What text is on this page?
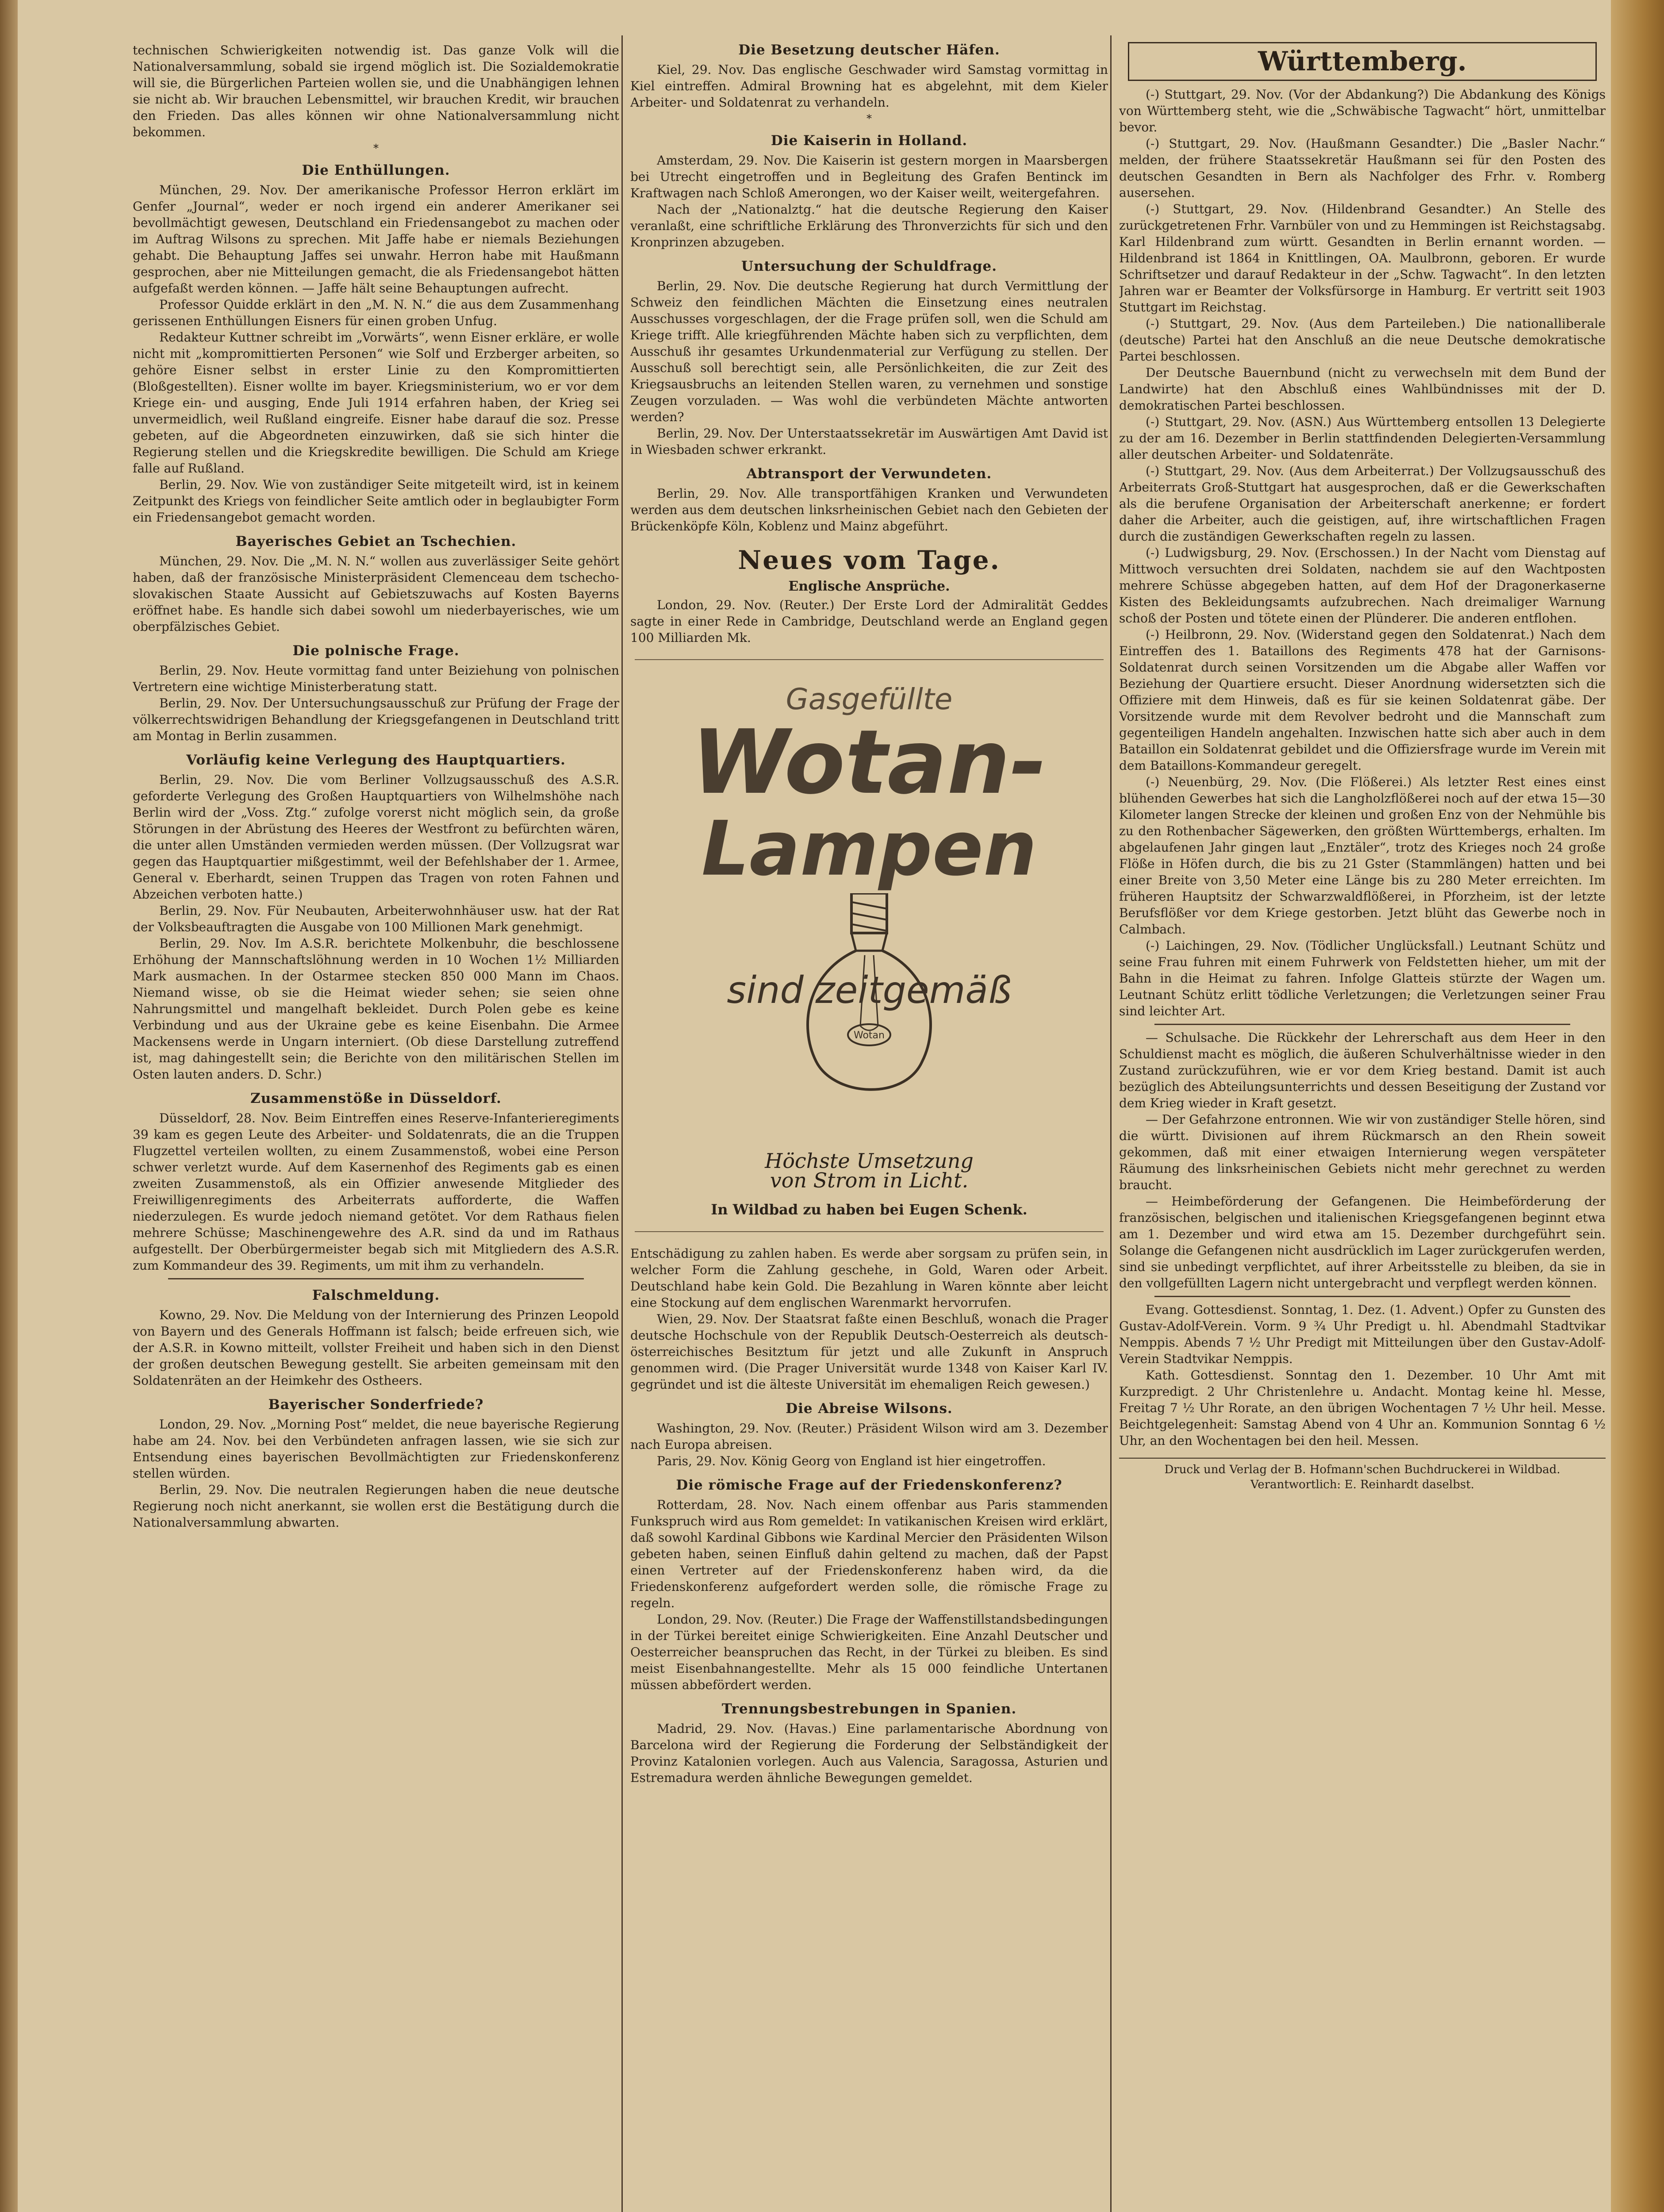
technischen Schwierigkeiten notwendig ist. Das ganze Volk will die Nationalversammlung, sobald sie irgend möglich ist. Die Sozialdemokratie will sie, die Bürgerlichen Parteien wollen sie, und die Unabhängigen lehnen sie nicht ab. Wir brauchen Lebensmittel, wir brauchen Kredit, wir brauchen den Frieden. Das alles können wir ohne Nationalversammlung nicht bekommen.

*
Die Enthüllungen.

München, 29. Nov. Der amerikanische Professor Herron erklärt im Genfer „Journal“, weder er noch irgend ein anderer Amerikaner sei bevollmächtigt gewesen, Deutschland ein Friedensangebot zu machen oder im Auftrag Wilsons zu sprechen. Mit Jaffe habe er niemals Beziehungen gehabt. Die Behauptung Jaffes sei unwahr. Herron habe mit Haußmann gesprochen, aber nie Mitteilungen gemacht, die als Friedensangebot hätten aufgefaßt werden können. — Jaffe hält seine Behauptungen aufrecht.

Professor Quidde erklärt in den „M. N. N.“ die aus dem Zusammenhang gerissenen Enthüllungen Eisners für einen groben Unfug.

Redakteur Kuttner schreibt im „Vorwärts“, wenn Eisner erkläre, er wolle nicht mit „kompromittierten Personen“ wie Solf und Erzberger arbeiten, so gehöre Eisner selbst in erster Linie zu den Kompromittierten (Bloßgestellten). Eisner wollte im bayer. Kriegsministerium, wo er vor dem Kriege ein- und ausging, Ende Juli 1914 erfahren haben, der Krieg sei unvermeidlich, weil Rußland eingreife. Eisner habe darauf die soz. Presse gebeten, auf die Abgeordneten einzuwirken, daß sie sich hinter die Regierung stellen und die Kriegskredite bewilligen. Die Schuld am Kriege falle auf Rußland.

Berlin, 29. Nov. Wie von zuständiger Seite mitgeteilt wird, ist in keinem Zeitpunkt des Kriegs von feindlicher Seite amtlich oder in beglaubigter Form ein Friedensangebot gemacht worden.

Bayerisches Gebiet an Tschechien.

München, 29. Nov. Die „M. N. N.“ wollen aus zuverlässiger Seite gehört haben, daß der französische Ministerpräsident Clemenceau dem tschecho-slovakischen Staate Aussicht auf Gebietszuwachs auf Kosten Bayerns eröffnet habe. Es handle sich dabei sowohl um niederbayerisches, wie um oberpfälzisches Gebiet.

Die polnische Frage.

Berlin, 29. Nov. Heute vormittag fand unter Beiziehung von polnischen Vertretern eine wichtige Ministerberatung statt.

Berlin, 29. Nov. Der Untersuchungsausschuß zur Prüfung der Frage der völkerrechtswidrigen Behandlung der Kriegsgefangenen in Deutschland tritt am Montag in Berlin zusammen.

Vorläufig keine Verlegung des Hauptquartiers.

Berlin, 29. Nov. Die vom Berliner Vollzugsausschuß des A.S.R. geforderte Verlegung des Großen Hauptquartiers von Wilhelmshöhe nach Berlin wird der „Voss. Ztg.“ zufolge vorerst nicht möglich sein, da große Störungen in der Abrüstung des Heeres der Westfront zu befürchten wären, die unter allen Umständen vermieden werden müssen. (Der Vollzugsrat war gegen das Hauptquartier mißgestimmt, weil der Befehlshaber der 1. Armee, General v. Eberhardt, seinen Truppen das Tragen von roten Fahnen und Abzeichen verboten hatte.)

Berlin, 29. Nov. Für Neubauten, Arbeiterwohnhäuser usw. hat der Rat der Volksbeauftragten die Ausgabe von 100 Millionen Mark genehmigt.

Berlin, 29. Nov. Im A.S.R. berichtete Molkenbuhr, die beschlossene Erhöhung der Mannschaftslöhnung werden in 10 Wochen 1½ Milliarden Mark ausmachen. In der Ostarmee stecken 850 000 Mann im Chaos. Niemand wisse, ob sie die Heimat wieder sehen; sie seien ohne Nahrungsmittel und mangelhaft bekleidet. Durch Polen gebe es keine Verbindung und aus der Ukraine gebe es keine Eisenbahn. Die Armee Mackensens werde in Ungarn interniert. (Ob diese Darstellung zutreffend ist, mag dahingestellt sein; die Berichte von den militärischen Stellen im Osten lauten anders. D. Schr.)

Zusammenstöße in Düsseldorf.

Düsseldorf, 28. Nov. Beim Eintreffen eines Reserve-Infanterieregiments 39 kam es gegen Leute des Arbeiter- und Soldatenrats, die an die Truppen Flugzettel verteilen wollten, zu einem Zusammenstoß, wobei eine Person schwer verletzt wurde. Auf dem Kasernenhof des Regiments gab es einen zweiten Zusammenstoß, als ein Offizier anwesende Mitglieder des Freiwilligenregiments des Arbeiterrats aufforderte, die Waffen niederzulegen. Es wurde jedoch niemand getötet. Vor dem Rathaus fielen mehrere Schüsse; Maschinengewehre des A.R. sind da und im Rathaus aufgestellt. Der Oberbürgermeister begab sich mit Mitgliedern des A.S.R. zum Kommandeur des 39. Regiments, um mit ihm zu verhandeln.

Falschmeldung.

Kowno, 29. Nov. Die Meldung von der Internierung des Prinzen Leopold von Bayern und des Generals Hoffmann ist falsch; beide erfreuen sich, wie der A.S.R. in Kowno mitteilt, vollster Freiheit und haben sich in den Dienst der großen deutschen Bewegung gestellt. Sie arbeiten gemeinsam mit den Soldatenräten an der Heimkehr des Ostheers.

Bayerischer Sonderfriede?

London, 29. Nov. „Morning Post“ meldet, die neue bayerische Regierung habe am 24. Nov. bei den Verbündeten anfragen lassen, wie sie sich zur Entsendung eines bayerischen Bevollmächtigten zur Friedenskonferenz stellen würden.

Berlin, 29. Nov. Die neutralen Regierungen haben die neue deutsche Regierung noch nicht anerkannt, sie wollen erst die Bestätigung durch die Nationalversammlung abwarten.

Die Besetzung deutscher Häfen.

Kiel, 29. Nov. Das englische Geschwader wird Samstag vormittag in Kiel eintreffen. Admiral Browning hat es abgelehnt, mit dem Kieler Arbeiter- und Soldatenrat zu verhandeln.

*
Die Kaiserin in Holland.

Amsterdam, 29. Nov. Die Kaiserin ist gestern morgen in Maarsbergen bei Utrecht eingetroffen und in Begleitung des Grafen Bentinck im Kraftwagen nach Schloß Amerongen, wo der Kaiser weilt, weitergefahren.

Nach der „Nationalztg.“ hat die deutsche Regierung den Kaiser veranlaßt, eine schriftliche Erklärung des Thronverzichts für sich und den Kronprinzen abzugeben.

Untersuchung der Schuldfrage.

Berlin, 29. Nov. Die deutsche Regierung hat durch Vermittlung der Schweiz den feindlichen Mächten die Einsetzung eines neutralen Ausschusses vorgeschlagen, der die Frage prüfen soll, wen die Schuld am Kriege trifft. Alle kriegführenden Mächte haben sich zu verpflichten, dem Ausschuß ihr gesamtes Urkundenmaterial zur Verfügung zu stellen. Der Ausschuß soll berechtigt sein, alle Persönlichkeiten, die zur Zeit des Kriegsausbruchs an leitenden Stellen waren, zu vernehmen und sonstige Zeugen vorzuladen. — Was wohl die verbündeten Mächte antworten werden?

Berlin, 29. Nov. Der Unterstaatssekretär im Auswärtigen Amt David ist in Wiesbaden schwer erkrankt.

Abtransport der Verwundeten.

Berlin, 29. Nov. Alle transportfähigen Kranken und Verwundeten werden aus dem deutschen linksrheinischen Gebiet nach den Gebieten der Brückenköpfe Köln, Koblenz und Mainz abgeführt.

Neues vom Tage.
Englische Ansprüche.

London, 29. Nov. (Reuter.) Der Erste Lord der Admiralität Geddes sagte in einer Rede in Cambridge, Deutschland werde an England gegen 100 Milliarden Mk.

Gasgefüllte
Wotan-
Lampen
Wotan
sind zeitgemäß
Höchste Umsetzung
von Strom in Licht.
In Wildbad zu haben bei Eugen Schenk.

Entschädigung zu zahlen haben. Es werde aber sorgsam zu prüfen sein, in welcher Form die Zahlung geschehe, in Gold, Waren oder Arbeit. Deutschland habe kein Gold. Die Bezahlung in Waren könnte aber leicht eine Stockung auf dem englischen Warenmarkt hervorrufen.

Wien, 29. Nov. Der Staatsrat faßte einen Beschluß, wonach die Prager deutsche Hochschule von der Republik Deutsch-Oesterreich als deutsch-österreichisches Besitztum für jetzt und alle Zukunft in Anspruch genommen wird. (Die Prager Universität wurde 1348 von Kaiser Karl IV. gegründet und ist die älteste Universität im ehemaligen Reich gewesen.)

Die Abreise Wilsons.

Washington, 29. Nov. (Reuter.) Präsident Wilson wird am 3. Dezember nach Europa abreisen.

Paris, 29. Nov. König Georg von England ist hier eingetroffen.

Die römische Frage auf der Friedenskonferenz?

Rotterdam, 28. Nov. Nach einem offenbar aus Paris stammenden Funkspruch wird aus Rom gemeldet: In vatikanischen Kreisen wird erklärt, daß sowohl Kardinal Gibbons wie Kardinal Mercier den Präsidenten Wilson gebeten haben, seinen Einfluß dahin geltend zu machen, daß der Papst einen Vertreter auf der Friedenskonferenz haben wird, da die Friedenskonferenz aufgefordert werden solle, die römische Frage zu regeln.

London, 29. Nov. (Reuter.) Die Frage der Waffenstillstandsbedingungen in der Türkei bereitet einige Schwierigkeiten. Eine Anzahl Deutscher und Oesterreicher beanspruchen das Recht, in der Türkei zu bleiben. Es sind meist Eisenbahnangestellte. Mehr als 15 000 feindliche Untertanen müssen abbefördert werden.

Trennungsbestrebungen in Spanien.

Madrid, 29. Nov. (Havas.) Eine parlamentarische Abordnung von Barcelona wird der Regierung die Forderung der Selbständigkeit der Provinz Katalonien vorlegen. Auch aus Valencia, Saragossa, Asturien und Estremadura werden ähnliche Bewegungen gemeldet.

Württemberg.

(-) Stuttgart, 29. Nov. (Vor der Abdankung?) Die Abdankung des Königs von Württemberg steht, wie die „Schwäbische Tagwacht“ hört, unmittelbar bevor.

(-) Stuttgart, 29. Nov. (Haußmann Gesandter.) Die „Basler Nachr.“ melden, der frühere Staatssekretär Haußmann sei für den Posten des deutschen Gesandten in Bern als Nachfolger des Frhr. v. Romberg ausersehen.

(-) Stuttgart, 29. Nov. (Hildenbrand Gesandter.) An Stelle des zurückgetretenen Frhr. Varnbüler von und zu Hemmingen ist Reichstagsabg. Karl Hildenbrand zum württ. Gesandten in Berlin ernannt worden. — Hildenbrand ist 1864 in Knittlingen, OA. Maulbronn, geboren. Er wurde Schriftsetzer und darauf Redakteur in der „Schw. Tagwacht“. In den letzten Jahren war er Beamter der Volksfürsorge in Hamburg. Er vertritt seit 1903 Stuttgart im Reichstag.

(-) Stuttgart, 29. Nov. (Aus dem Parteileben.) Die nationalliberale (deutsche) Partei hat den Anschluß an die neue Deutsche demokratische Partei beschlossen.

Der Deutsche Bauernbund (nicht zu verwechseln mit dem Bund der Landwirte) hat den Abschluß eines Wahlbündnisses mit der D. demokratischen Partei beschlossen.

(-) Stuttgart, 29. Nov. (ASN.) Aus Württemberg entsollen 13 Delegierte zu der am 16. Dezember in Berlin stattfindenden Delegierten-Versammlung aller deutschen Arbeiter- und Soldatenräte.

(-) Stuttgart, 29. Nov. (Aus dem Arbeiterrat.) Der Vollzugsausschuß des Arbeiterrats Groß-Stuttgart hat ausgesprochen, daß er die Gewerkschaften als die berufene Organisation der Arbeiterschaft anerkenne; er fordert daher die Arbeiter, auch die geistigen, auf, ihre wirtschaftlichen Fragen durch die zuständigen Gewerkschaften regeln zu lassen.

(-) Ludwigsburg, 29. Nov. (Erschossen.) In der Nacht vom Dienstag auf Mittwoch versuchten drei Soldaten, nachdem sie auf den Wachtposten mehrere Schüsse abgegeben hatten, auf dem Hof der Dragonerkaserne Kisten des Bekleidungsamts aufzubrechen. Nach dreimaliger Warnung schoß der Posten und tötete einen der Plünderer. Die anderen entflohen.

(-) Heilbronn, 29. Nov. (Widerstand gegen den Soldatenrat.) Nach dem Eintreffen des 1. Bataillons des Regiments 478 hat der Garnisons-Soldatenrat durch seinen Vorsitzenden um die Abgabe aller Waffen vor Beziehung der Quartiere ersucht. Dieser Anordnung widersetzten sich die Offiziere mit dem Hinweis, daß es für sie keinen Soldatenrat gäbe. Der Vorsitzende wurde mit dem Revolver bedroht und die Mannschaft zum gegenteiligen Handeln angehalten. Inzwischen hatte sich aber auch in dem Bataillon ein Soldatenrat gebildet und die Offiziersfrage wurde im Verein mit dem Bataillons-Kommandeur geregelt.

(-) Neuenbürg, 29. Nov. (Die Flößerei.) Als letzter Rest eines einst blühenden Gewerbes hat sich die Langholzflößerei noch auf der etwa 15—30 Kilometer langen Strecke der kleinen und großen Enz von der Nehmühle bis zu den Rothenbacher Sägewerken, den größten Württembergs, erhalten. Im abgelaufenen Jahr gingen laut „Enztäler“, trotz des Krieges noch 24 große Flöße in Höfen durch, die bis zu 21 Gster (Stammlängen) hatten und bei einer Breite von 3,50 Meter eine Länge bis zu 280 Meter erreichten. Im früheren Hauptsitz der Schwarzwaldflößerei, in Pforzheim, ist der letzte Berufsflößer vor dem Kriege gestorben. Jetzt blüht das Gewerbe noch in Calmbach.

(-) Laichingen, 29. Nov. (Tödlicher Unglücksfall.) Leutnant Schütz und seine Frau fuhren mit einem Fuhrwerk von Feldstetten hieher, um mit der Bahn in die Heimat zu fahren. Infolge Glatteis stürzte der Wagen um. Leutnant Schütz erlitt tödliche Verletzungen; die Verletzungen seiner Frau sind leichter Art.

— Schulsache. Die Rückkehr der Lehrerschaft aus dem Heer in den Schuldienst macht es möglich, die äußeren Schulverhältnisse wieder in den Zustand zurückzuführen, wie er vor dem Krieg bestand. Damit ist auch bezüglich des Abteilungsunterrichts und dessen Beseitigung der Zustand vor dem Krieg wieder in Kraft gesetzt.

— Der Gefahrzone entronnen. Wie wir von zuständiger Stelle hören, sind die württ. Divisionen auf ihrem Rückmarsch an den Rhein soweit gekommen, daß mit einer etwaigen Internierung wegen verspäteter Räumung des linksrheinischen Gebiets nicht mehr gerechnet zu werden braucht.

— Heimbeförderung der Gefangenen. Die Heimbeförderung der französischen, belgischen und italienischen Kriegsgefangenen beginnt etwa am 1. Dezember und wird etwa am 15. Dezember durchgeführt sein. Solange die Gefangenen nicht ausdrücklich im Lager zurückgerufen werden, sind sie unbedingt verpflichtet, auf ihrer Arbeitsstelle zu bleiben, da sie in den vollgefüllten Lagern nicht untergebracht und verpflegt werden können.

Evang. Gottesdienst. Sonntag, 1. Dez. (1. Advent.) Opfer zu Gunsten des Gustav-Adolf-Verein. Vorm. 9 ¾ Uhr Predigt u. hl. Abendmahl Stadtvikar Nemppis. Abends 7 ½ Uhr Predigt mit Mitteilungen über den Gustav-Adolf-Verein Stadtvikar Nemppis.

Kath. Gottesdienst. Sonntag den 1. Dezember. 10 Uhr Amt mit Kurzpredigt. 2 Uhr Christenlehre u. Andacht. Montag keine hl. Messe, Freitag 7 ½ Uhr Rorate, an den übrigen Wochentagen 7 ½ Uhr heil. Messe. Beichtgelegenheit: Samstag Abend von 4 Uhr an. Kommunion Sonntag 6 ½ Uhr, an den Wochentagen bei den heil. Messen.

Druck und Verlag der B. Hofmann'schen Buchdruckerei in Wildbad. Verantwortlich: E. Reinhardt daselbst.
